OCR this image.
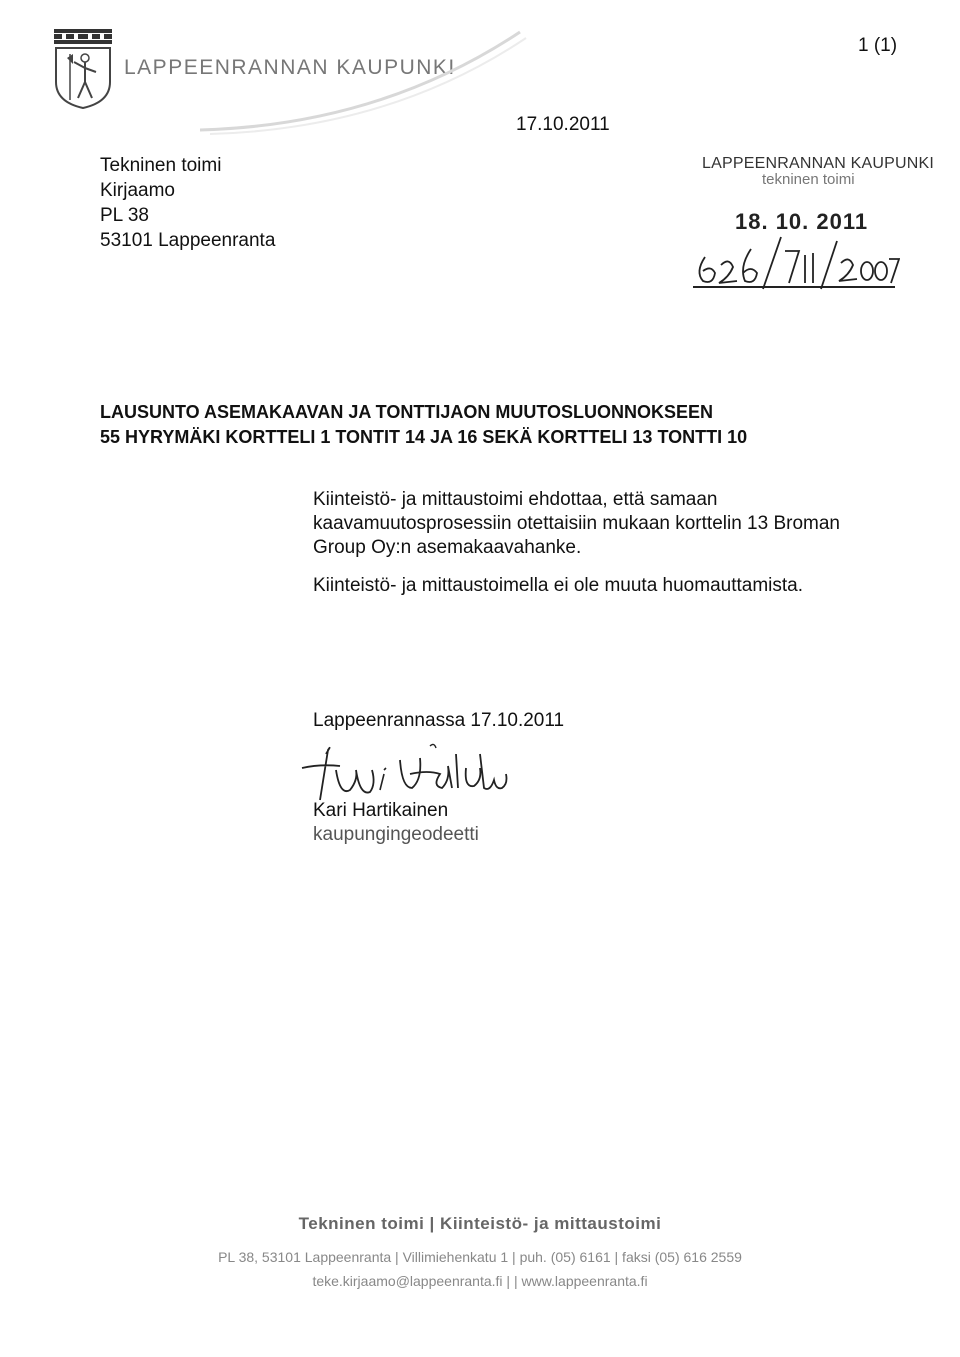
LAPPEENRANNAN KAUPUNKI
1 (1)
17.10.2011
Tekninen toimi
Kirjaamo
PL 38
53101 Lappeenranta
LAPPEENRANNAN KAUPUNKI
tekninen toimi
18. 10. 2011
LAUSUNTO ASEMAKAAVAN JA TONTTIJAON MUUTOSLUONNOKSEEN
55 HYRYMÄKI KORTTELI 1 TONTIT 14 JA 16 SEKÄ KORTTELI 13 TONTTI 10

Kiinteistö- ja mittaustoimi ehdottaa, että samaan kaavamuutosprosessiin otettaisiin mukaan korttelin 13 Broman Group Oy:n asemakaavahanke.

Kiinteistö- ja mittaustoimella ei ole muuta huomauttamista.

Lappeenrannassa 17.10.2011
Kari Hartikainen
kaupungingeodeetti
Tekninen toimi | Kiinteistö- ja mittaustoimi
PL 38, 53101 Lappeenranta | Villimiehenkatu 1 | puh. (05) 6161 | faksi (05) 616 2559
teke.kirjaamo@lappeenranta.fi | | www.lappeenranta.fi
